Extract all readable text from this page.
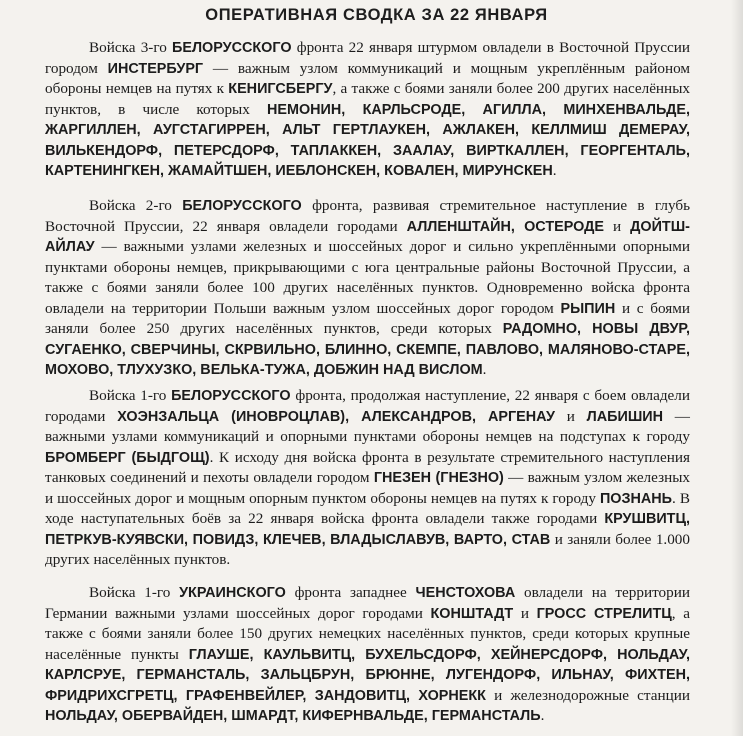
ОПЕРАТИВНАЯ СВОДКА ЗА 22 ЯНВАРЯ

Войска 3-го БЕЛОРУССКОГО фронта 22 января штурмом овладели в Восточной Пруссии городом ИНСТЕРБУРГ — важным узлом коммуникаций и мощным укреплённым районом обороны немцев на путях к КЕНИГСБЕРГУ, а также с боями заняли более 200 других населённых пунктов, в числе которых НЕМОНИН, КАРЛЬСРОДЕ, АГИЛЛА, МИНХЕНВАЛЬДЕ, ЖАРГИЛЛЕН, АУГСТАГИРРЕН, АЛЬТ ГЕРТЛАУКЕН, АЖЛАКЕН, КЕЛЛМИШ ДЕМЕРАУ, ВИЛЬКЕНДОРФ, ПЕТЕРСДОРФ, ТАПЛАККЕН, ЗААЛАУ, ВИРТКАЛЛЕН, ГЕОРГЕНТАЛЬ, КАРТЕНИНГКЕН, ЖАМАЙТШЕН, ИЕБЛОНСКЕН, КОВАЛЕН, МИРУНСКЕН.

Войска 2-го БЕЛОРУССКОГО фронта, развивая стремительное наступление в глубь Восточной Пруссии, 22 января овладели городами АЛЛЕНШТАЙН, ОСТЕРОДЕ и ДОЙТШ-АЙЛАУ — важными узлами железных и шоссейных дорог и сильно укреплёнными опорными пунктами обороны немцев, прикрывающими с юга центральные районы Восточной Пруссии, а также с боями заняли более 100 других населённых пунктов. Одновременно войска фронта овладели на территории Польши важным узлом шоссейных дорог городом РЫПИН и с боями заняли более 250 других населённых пунктов, среди которых РАДОМНО, НОВЫ ДВУР, СУГАЕНКО, СВЕРЧИНЫ, СКРВИЛЬНО, БЛИННО, СКЕМПЕ, ПАВЛОВО, МАЛЯНОВО-СТАРЕ, МОХОВО, ТЛУХУЗКО, ВЕЛЬКА-ТУЖА, ДОБЖИН НАД ВИСЛОМ.

Войска 1-го БЕЛОРУССКОГО фронта, продолжая наступление, 22 января с боем овладели городами ХОЭНЗАЛЬЦА (ИНОВРОЦЛАВ), АЛЕКСАНДРОВ, АРГЕНАУ и ЛАБИШИН — важными узлами коммуникаций и опорными пунктами обороны немцев на подступах к городу БРОМБЕРГ (БЫДГОЩ). К исходу дня войска фронта в результате стремительного наступления танковых соединений и пехоты овладели городом ГНЕЗЕН (ГНЕЗНО) — важным узлом железных и шоссейных дорог и мощным опорным пунктом обороны немцев на путях к городу ПОЗНАНЬ. В ходе наступательных боёв за 22 января войска фронта овладели также городами КРУШВИТЦ, ПЕТРКУВ-КУЯВСКИ, ПОВИДЗ, КЛЕЧЕВ, ВЛАДЫСЛАВУВ, ВАРТО, СТАВ и заняли более 1.000 других населённых пунктов.

Войска 1-го УКРАИНСКОГО фронта западнее ЧЕНСТОХОВА овладели на территории Германии важными узлами шоссейных дорог городами КОНШТАДТ и ГРОСС СТРЕЛИТЦ, а также с боями заняли более 150 других немецких населённых пунктов, среди которых крупные населённые пункты ГЛАУШЕ, КАУЛЬВИТЦ, БУХЕЛЬСДОРФ, ХЕЙНЕРСДОРФ, НОЛЬДАУ, КАРЛСРУЕ, ГЕРМАНСТАЛЬ, ЗАЛЬЦБРУН, БРЮННЕ, ЛУГЕНДОРФ, ИЛЬНАУ, ФИХТЕН, ФРИДРИХСГРЕТЦ, ГРАФЕНВЕЙЛЕР, ЗАНДОВИТЦ, ХОРНЕКК и железнодорожные станции НОЛЬДАУ, ОБЕРВАЙДЕН, ШМАРДТ, КИФЕРНВАЛЬДЕ, ГЕРМАНСТАЛЬ.
